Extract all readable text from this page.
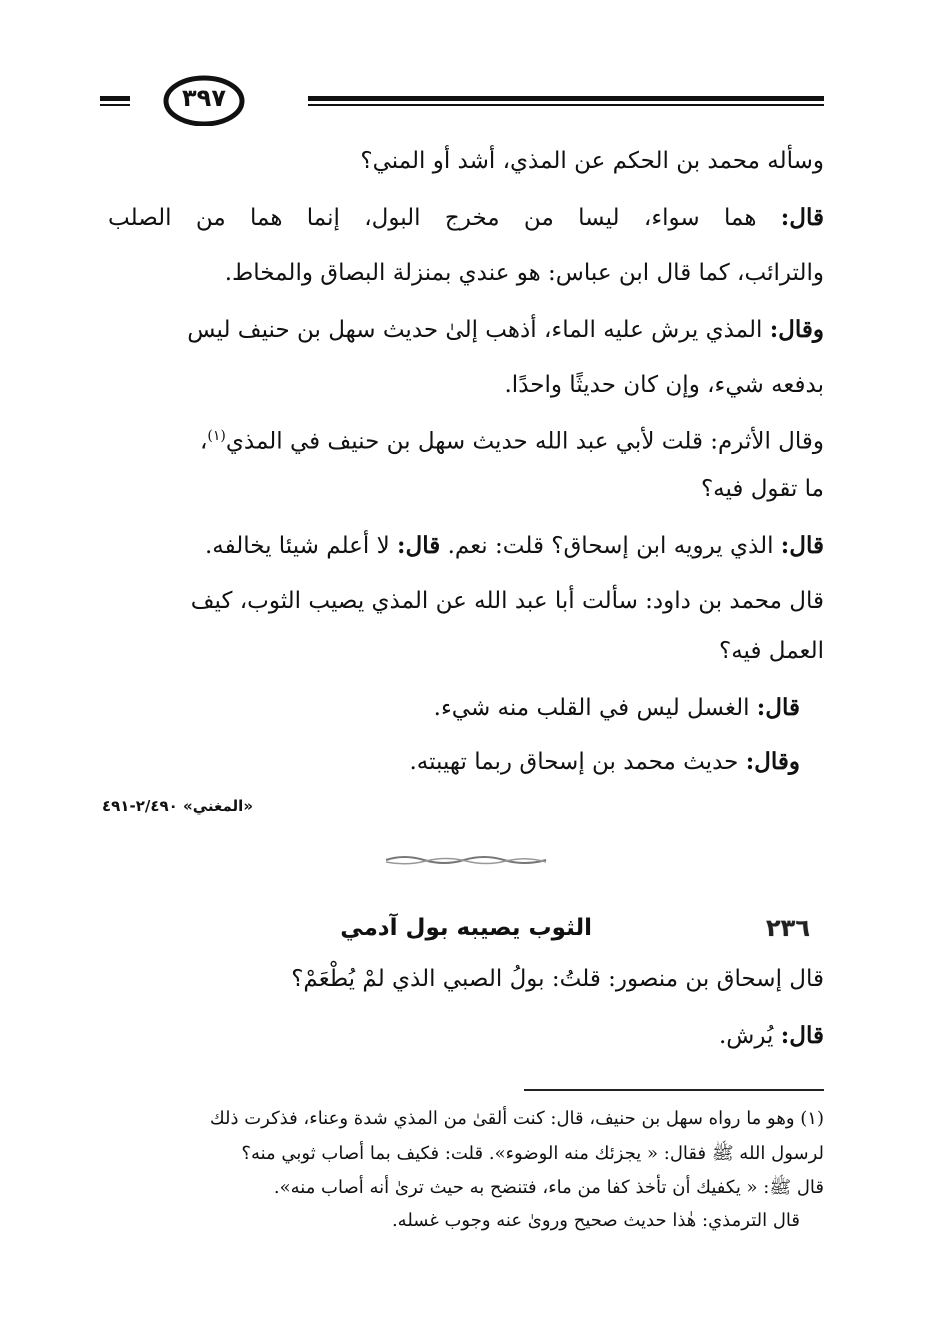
٣٩٧
وسأله محمد بن الحكم عن المذي، أشد أو المني؟
قال: هما سواء، ليسا من مخرج البول، إنما هما من الصلب
والترائب، كما قال ابن عباس: هو عندي بمنزلة البصاق والمخاط.
وقال: المذي يرش عليه الماء، أذهب إلىٰ حديث سهل بن حنيف ليس
بدفعه شيء، وإن كان حديثًا واحدًا.
وقال الأثرم: قلت لأبي عبد الله حديث سهل بن حنيف في المذي$^{(١)}$،
ما تقول فيه؟
قال: الذي يرويه ابن إسحاق؟ قلت: نعم. قال: لا أعلم شيئا يخالفه.
قال محمد بن داود: سألت أبا عبد الله عن المذي يصيب الثوب، كيف
العمل فيه؟
قال: الغسل ليس في القلب منه شيء.
وقال: حديث محمد بن إسحاق ربما تهيبته.
«المغني» ٢/٤٩٠-٤٩١
٢٣٦
الثوب يصيبه بول آدمي
قال إسحاق بن منصور: قلتُ: بولُ الصبي الذي لمْ يُطْعَمْ؟
قال: يُرش.
(١) وهو ما رواه سهل بن حنيف، قال: كنت ألقىٰ من المذي شدة وعناء، فذكرت ذلك
لرسول الله ﷺ فقال: « يجزئك منه الوضوء». قلت: فكيف بما أصاب ثوبي منه؟
قال ﷺ: « يكفيك أن تأخذ كفا من ماء، فتنضح به حيث ترىٰ أنه أصاب منه».
قال الترمذي: هٰذا حديث صحيح وروىٰ عنه وجوب غسله.
